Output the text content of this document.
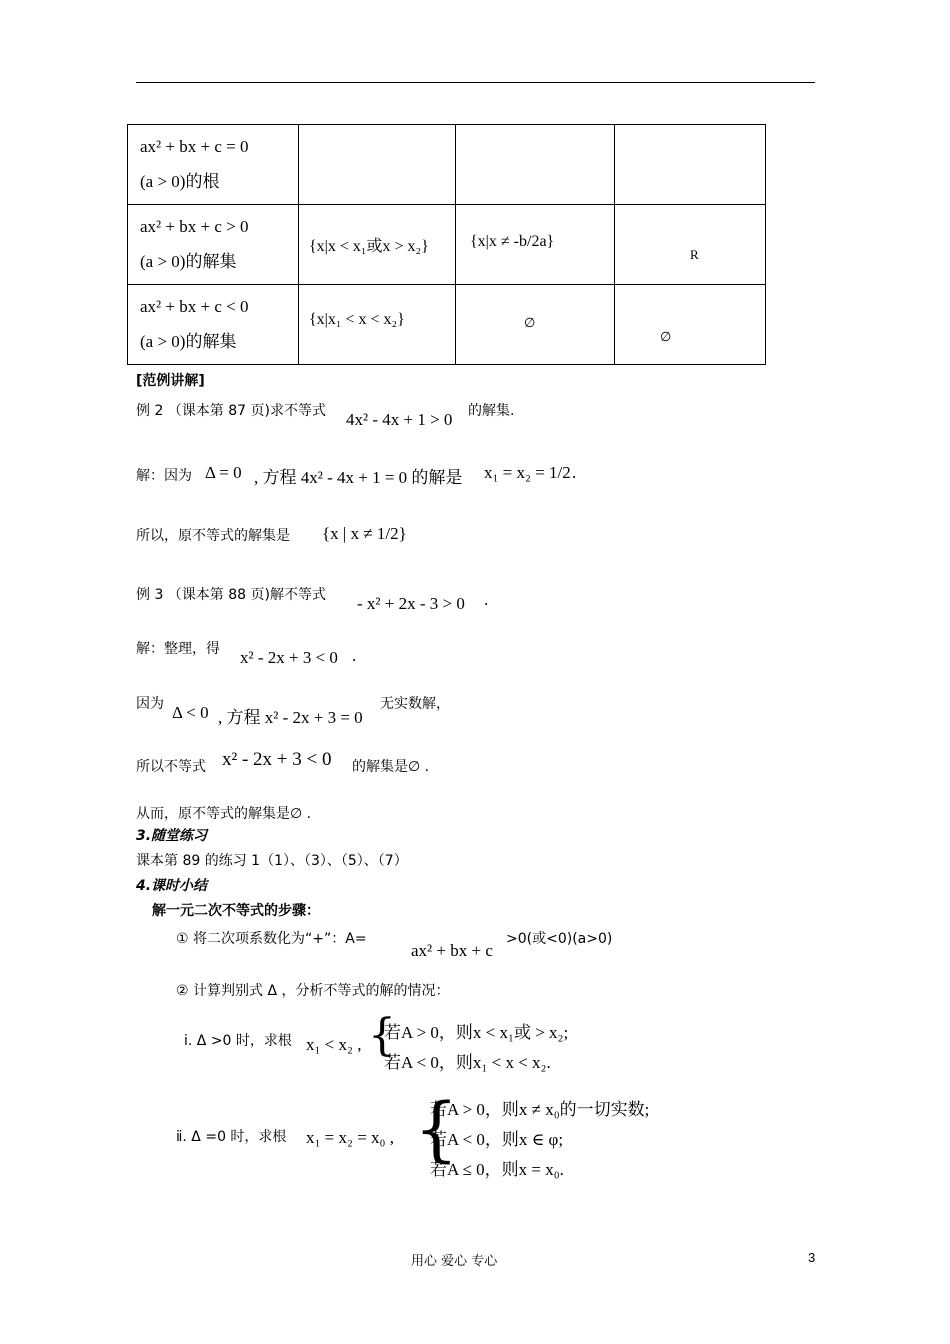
ax² + bx + c = 0
(a > 0)的根			

ax² + bx + c > 0
(a > 0)的解集	{x|x < x₁或x > x₂}	{x|x ≠ -b/2a}	R

ax² + bx + c < 0
(a > 0)的解集	{x|x₁ < x < x₂}	∅	∅
[范例讲解]
例 2 （课本第 87 页)求不等式 4x² - 4x + 1 > 0 的解集.
解：因为 Δ = 0 , 方程 4x² - 4x + 1 = 0 的解是 x₁ = x₂ = 1/2 .
所以，原不等式的解集是 {x | x ≠ 1/2}
例 3 （课本第 88 页)解不等式 - x² + 2x - 3 > 0 .
解：整理，得 x² - 2x + 3 < 0 .
因为 Δ < 0 , 方程 x² - 2x + 3 = 0
无实数解，
所以不等式 x² - 2x + 3 < 0 的解集是∅ .
从而，原不等式的解集是∅ .
3.随堂练习
课本第 89 的练习 1（1）、（3）、（5）、（7）
4.课时小结
解一元二次不等式的步骤：
① 将二次项系数化为“+”：A=
ax² + bx + c
>0(或<0)(a>0)
② 计算判别式 Δ ，分析不等式的解的情况：
ⅰ. Δ >0 时，求根 x₁ < x₂ , {
若A > 0，则x < x₁或 > x₂;
若A < 0，则x₁ < x < x₂.
ⅱ. Δ =0 时，求根 x₁ = x₂ = x₀ , {
若A > 0，则x ≠ x₀的一切实数;
若A < 0，则x ∈ φ;
若A ≤ 0，则x = x₀.
用心 爱心 专心	3
